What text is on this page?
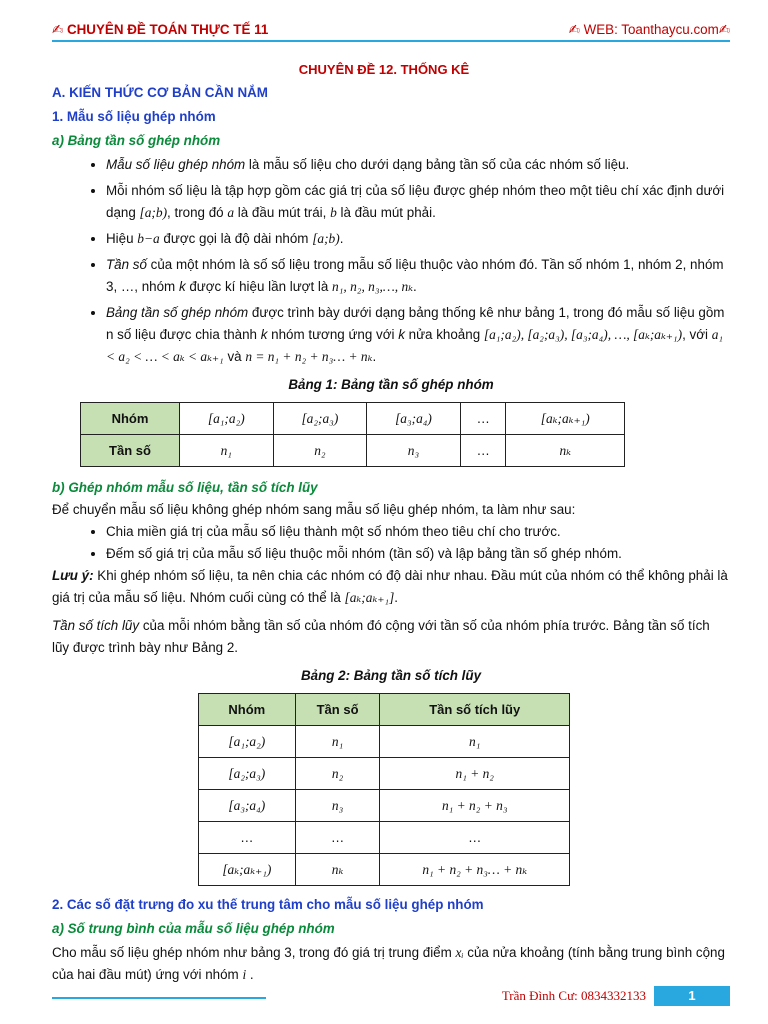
✍ CHUYÊN ĐỀ TOÁN THỰC TẾ 11	✍ WEB: Toanthaycu.com✍
CHUYÊN ĐỀ 12. THỐNG KÊ

A. KIẾN THỨC CƠ BẢN CẦN NẮM

1. Mẫu số liệu ghép nhóm

a) Bảng tần số ghép nhóm

• Mẫu số liệu ghép nhóm là mẫu số liệu cho dưới dạng bảng tần số của các nhóm số liệu.
• Mỗi nhóm số liệu là tập hợp gồm các giá trị của số liệu được ghép nhóm theo một tiêu chí xác định dưới dạng [a;b), trong đó a là đầu mút trái, b là đầu mút phải.
• Hiệu b−a được gọi là độ dài nhóm [a;b).
• Tần số của một nhóm là số số liệu trong mẫu số liệu thuộc vào nhóm đó. Tần số nhóm 1, nhóm 2, nhóm 3, …, nhóm k được kí hiệu lần lượt là n₁, n₂, n₃,…, nₖ.
• Bảng tần số ghép nhóm được trình bày dưới dạng bảng thống kê như bảng 1, trong đó mẫu số liệu gồm n số liệu được chia thành k nhóm tương ứng với k nửa khoảng [a₁;a₂), [a₂;a₃), [a₃;a₄), …, [aₖ;aₖ₊₁), với a₁ < a₂ < … < aₖ < aₖ₊₁ và n = n₁ + n₂ + n₃… + nₖ.

Bảng 1: Bảng tần số ghép nhóm

Nhóm	[a₁;a₂)	[a₂;a₃)	[a₃;a₄)	…	[aₖ;aₖ₊₁)
Tần số	n₁	n₂	n₃	…	nₖ

b) Ghép nhóm mẫu số liệu, tần số tích lũy

Để chuyển mẫu số liệu không ghép nhóm sang mẫu số liệu ghép nhóm, ta làm như sau:

• Chia miền giá trị của mẫu số liệu thành một số nhóm theo tiêu chí cho trước.
• Đếm số giá trị của mẫu số liệu thuộc mỗi nhóm (tần số) và lập bảng tần số ghép nhóm.

Lưu ý: Khi ghép nhóm số liệu, ta nên chia các nhóm có độ dài như nhau. Đầu mút của nhóm có thể không phải là giá trị của mẫu số liệu. Nhóm cuối cùng có thể là [aₖ;aₖ₊₁].

Tần số tích lũy của mỗi nhóm bằng tần số của nhóm đó cộng với tần số của nhóm phía trước. Bảng tần số tích lũy được trình bày như Bảng 2.

Bảng 2: Bảng tần số tích lũy

Nhóm	Tần số	Tần số tích lũy
[a₁;a₂)	n₁	n₁
[a₂;a₃)	n₂	n₁ + n₂
[a₃;a₄)	n₃	n₁ + n₂ + n₃
…	…	…
[aₖ;aₖ₊₁)	nₖ	n₁ + n₂ + n₃… + nₖ

2. Các số đặt trưng đo xu thế trung tâm cho mẫu số liệu ghép nhóm

a) Số trung bình của mẫu số liệu ghép nhóm

Cho mẫu số liệu ghép nhóm như bảng 3, trong đó giá trị trung điểm xᵢ của nửa khoảng (tính bằng trung bình cộng của hai đầu mút) ứng với nhóm i .

Trần Đình Cư: 0834332133	1
